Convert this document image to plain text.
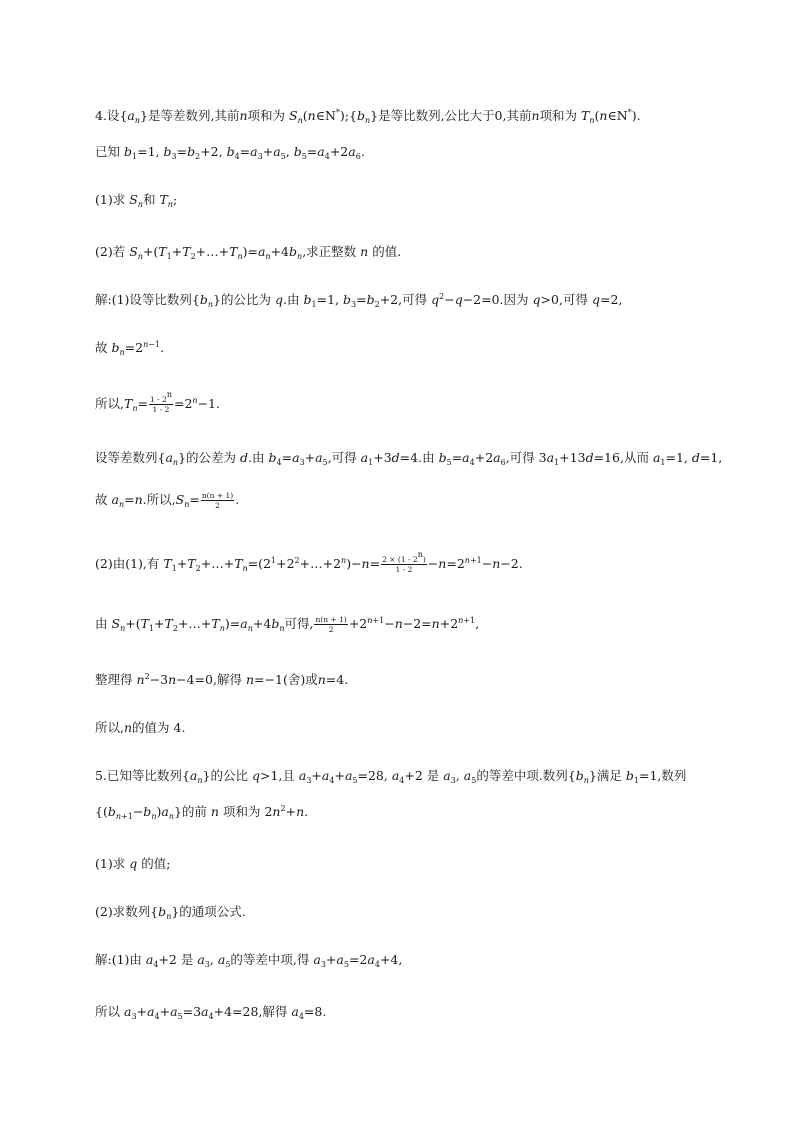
4.设$\{a_n\}$是等差数列,其前n项和为 $S_n(n\in N^*);\{b_n\}$是等比数列,公比大于0,其前n项和为 $T_n(n\in N^*)$.
已知 $b_1=1$, $b_3=b_2+2$, $b_4=a_3+a_5$, $b_5=a_4+2a_6$.
(1)求 $S_n$和 $T_n$;
(2)若 $S_n+(T_1+T_2+\dots+T_n)=a_n+4b_n$,求正整数 n 的值.
解:(1)设等比数列$\{b_n\}$的公比为 q.由 $b_1=1$, $b_3=b_2+2$,可得 $q^2-q-2=0$.因为 q>0,可得 q=2,
故 $b_n=2^{n-1}$.
所以$,T_n= \frac{1 - 2^n}{1 - 2} =2^n-1$.
设等差数列$\{a_n\}$的公差为 d.由 $b_4=a_3+a_5$,可得 $a_1+3d=4$.由 $b_5=a_4+2a_6$,可得 $3a_1+13d=16$,从而 $a_1=1$, d=1,
故 $a_n=n$.所以$,S_n= \frac{n(n + 1)}{2}$ .
(2)由(1),有 $T_1+T_2+\dots+T_n=(2^1+2^2+\dots+2^n)-n= \frac{2 \times (1 - 2^n)}{1 - 2} -n=2^{n+1}-n-2$.
由 $S_n+(T_1+T_2+\dots+T_n)=a_n+4b_n$可得, $\frac{n(n + 1)}{2} +2^{n+1}-n-2=n+2^{n+1}$,
整理得 $n^2-3n-4=0$,解得 n=−1(舍)或n=4.
所以,n的值为 4.
5.已知等比数列$\{a_n\}$的公比 q>1,且 $a_3+a_4+a_5=28$, $a_4+2$ 是 $a_3$, $a_5$的等差中项.数列$\{b_n\}$满足 $b_1=1$,数列
$\{(b_{n+1}-b_n)a_n\}$的前 n 项和为 $2n^2+n$.
(1)求 q 的值;
(2)求数列$\{b_n\}$的通项公式.
解:(1)由 $a_4+2$ 是 $a_3$, $a_5$的等差中项,得 $a_3+a_5=2a_4+4$,
所以 $a_3+a_4+a_5=3a_4+4=28$,解得 $a_4=8$.
